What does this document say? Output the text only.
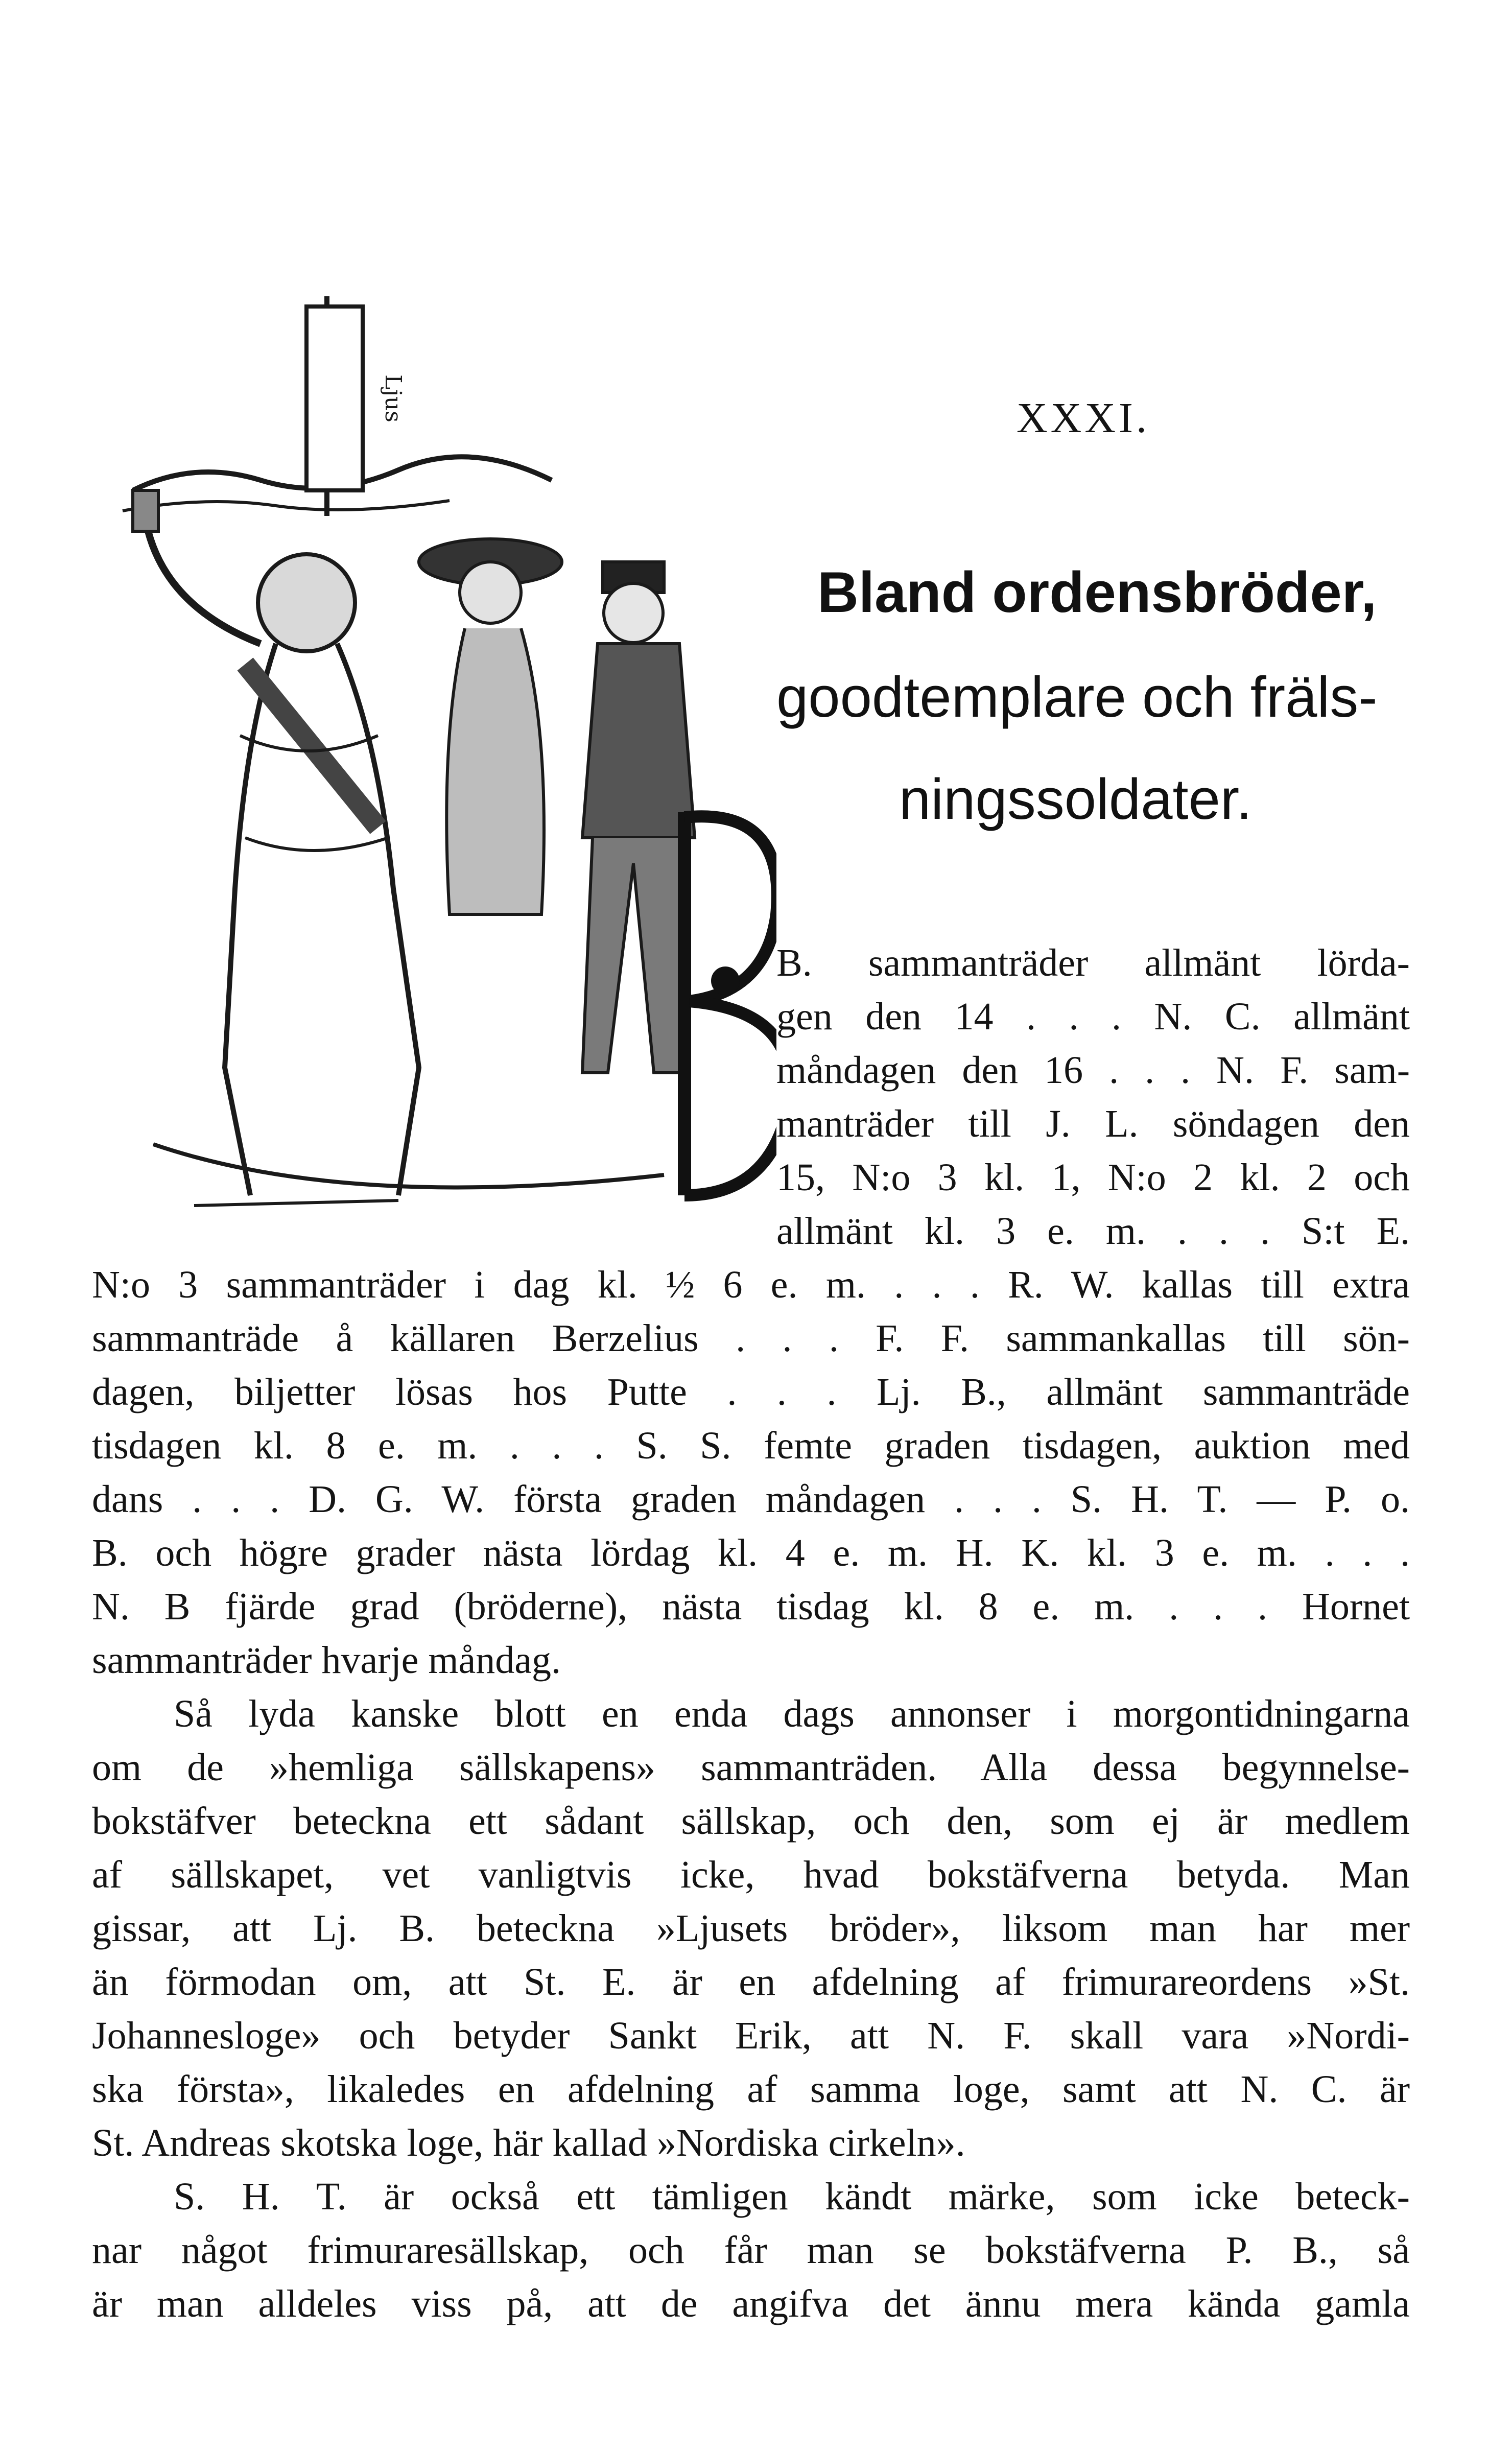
XXXI.
Bland ordensbröder,
goodtemplare och fräls-
ningssoldater.
Ljus
B
B. sammanträder allmänt lörda-
gen den 14 . . . N. C. allmänt
måndagen den 16 . . . N. F. sam-
manträder till J. L. söndagen den
15, N:o 3 kl. 1, N:o 2 kl. 2 och
allmänt kl. 3 e. m. . . . S:t E.
N:o 3 sammanträder i dag kl. ½ 6 e. m. . . . R. W. kallas till extra
sammanträde å källaren Berzelius . . . F. F. sammankallas till sön-
dagen, biljetter lösas hos Putte . . . Lj. B., allmänt sammanträde
tisdagen kl. 8 e. m. . . . S. S. femte graden tisdagen, auktion med
dans . . . D. G. W. första graden måndagen . . . S. H. T. — P. o.
B. och högre grader nästa lördag kl. 4 e. m. H. K. kl. 3 e. m. . . .
N. B fjärde grad (bröderne), nästa tisdag kl. 8 e. m. . . . Hornet
sammanträder hvarje måndag.
Så lyda kanske blott en enda dags annonser i morgontidningarna
om de »hemliga sällskapens» sammanträden. Alla dessa begynnelse-
bokstäfver beteckna ett sådant sällskap, och den, som ej är medlem
af sällskapet, vet vanligtvis icke, hvad bokstäfverna betyda. Man
gissar, att Lj. B. beteckna »Ljusets bröder», liksom man har mer
än förmodan om, att St. E. är en afdelning af frimurareordens »St.
Johannesloge» och betyder Sankt Erik, att N. F. skall vara »Nordi-
ska första», likaledes en afdelning af samma loge, samt att N. C. är
St. Andreas skotska loge, här kallad »Nordiska cirkeln».
S. H. T. är också ett tämligen kändt märke, som icke beteck-
nar något frimuraresällskap, och får man se bokstäfverna P. B., så
är man alldeles viss på, att de angifva det ännu mera kända gamla
